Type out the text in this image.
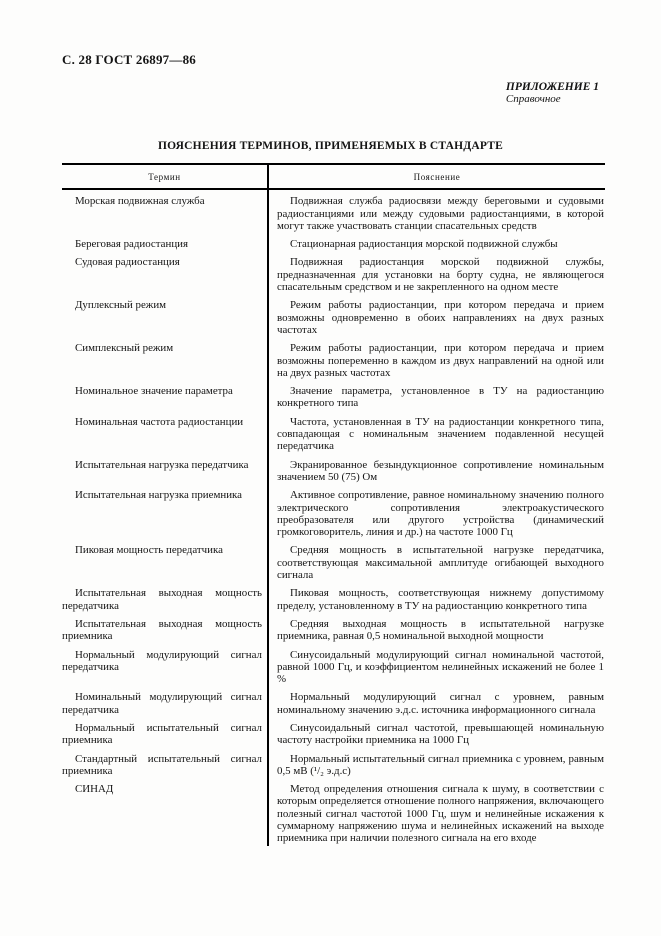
С. 28 ГОСТ 26897—86
ПРИЛОЖЕНИЕ 1
Справочное
ПОЯСНЕНИЯ ТЕРМИНОВ, ПРИМЕНЯЕМЫХ В СТАНДАРТЕ
Термин	Пояснение
Морская подвижная служба	Подвижная служба радиосвязи между береговыми и судовыми радиостанциями или между судовыми радиостанциями, в которой могут также участвовать станции спасательных средств
Береговая радиостанция	Стационарная радиостанция морской подвижной службы
Судовая радиостанция	Подвижная радиостанция морской подвижной службы, предназначенная для установки на борту судна, не являющегося спасательным средством и не закрепленного на одном месте
Дуплексный режим	Режим работы радиостанции, при котором передача и прием возможны одновременно в обоих направлениях на двух разных частотах
Симплексный режим	Режим работы радиостанции, при котором передача и прием возможны попеременно в каждом из двух направлений на одной или на двух разных частотах
Номинальное значение параметра	Значение параметра, установленное в ТУ на радиостанцию конкретного типа
Номинальная частота радиостанции	Частота, установленная в ТУ на радиостанции конкретного типа, совпадающая с номинальным значением подавленной несущей передатчика
Испытательная нагрузка передатчика	Экранированное безындукционное сопротивление номинальным значением 50 (75) Ом
Испытательная нагрузка приемника	Активное сопротивление, равное номинальному значению полного электрического сопротивления электроакустического преобразователя или другого устройства (динамический громкоговоритель, линия и др.) на частоте 1000 Гц
Пиковая мощность передатчика	Средняя мощность в испытательной нагрузке передатчика, соответствующая максимальной амплитуде огибающей выходного сигнала
Испытательная выходная мощность передатчика	Пиковая мощность, соответствующая нижнему допустимому пределу, установленному в ТУ на радиостанцию конкретного типа
Испытательная выходная мощность приемника	Средняя выходная мощность в испытательной нагрузке приемника, равная 0,5 номинальной выходной мощности
Нормальный модулирующий сигнал передатчика	Синусоидальный модулирующий сигнал номинальной частотой, равной 1000 Гц, и коэффициентом нелинейных искажений не более 1 %
Номинальный модулирующий сигнал передатчика	Нормальный модулирующий сигнал с уровнем, равным номинальному значению э.д.с. источника информационного сигнала
Нормальный испытательный сигнал приемника	Синусоидальный сигнал частотой, превышающей номинальную частоту настройки приемника на 1000 Гц
Стандартный испытательный сигнал приемника	Нормальный испытательный сигнал приемника с уровнем, равным 0,5 мВ (¹/₂ э.д.с)
СИНАД	Метод определения отношения сигнала к шуму, в соответствии с которым определяется отношение полного напряжения, включающего полезный сигнал частотой 1000 Гц, шум и нелинейные искажения к суммарному напряжению шума и нелинейных искажений на выходе приемника при наличии полезного сигнала на его входе
